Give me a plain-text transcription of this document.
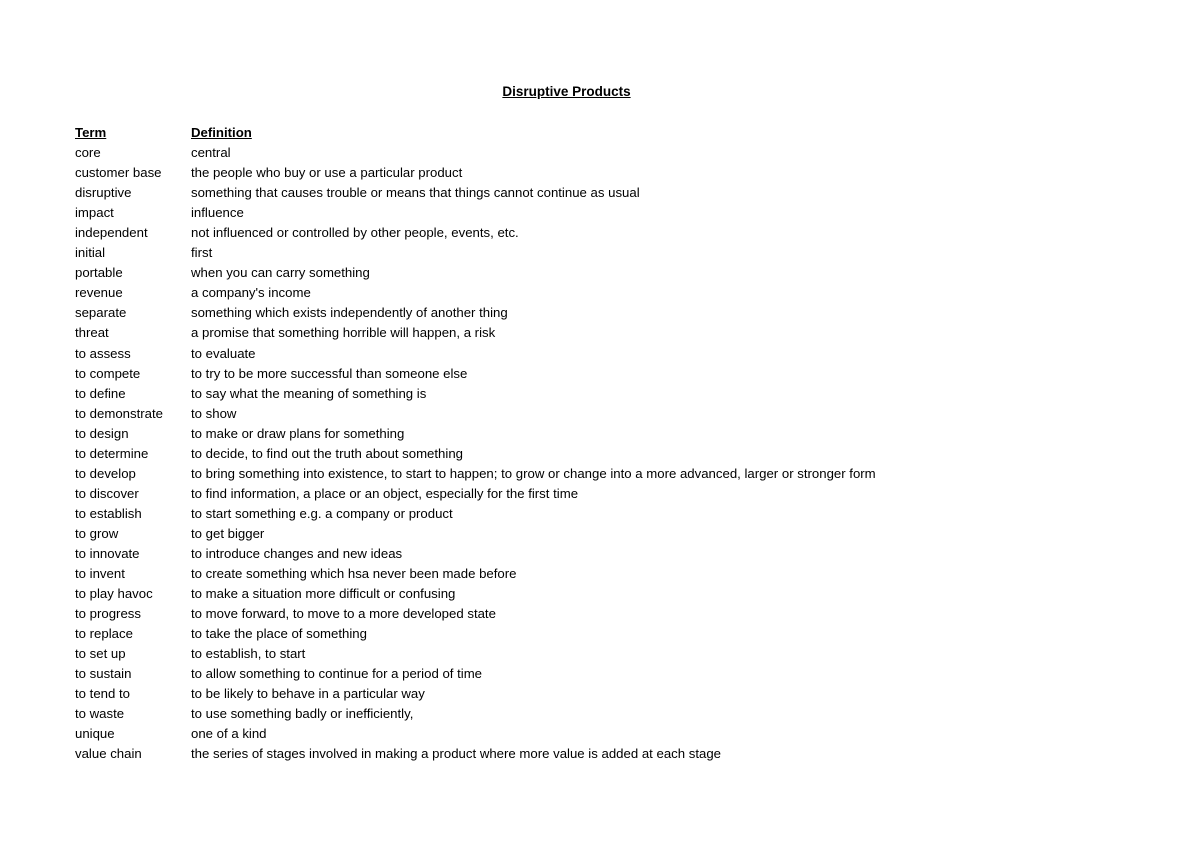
Disruptive Products
Term	Definition
core	central
customer base	the people who buy or use a particular product
disruptive	something that causes trouble or means that things cannot continue as usual
impact	influence
independent	not influenced or controlled by other people, events, etc.
initial	first
portable	when you can carry something
revenue	a company's income
separate	something which exists independently of another thing
threat	a promise that something horrible will happen, a risk
to assess	to evaluate
to compete	to try to be more successful than someone else
to define	to say what the meaning of something is
to demonstrate	to show
to design	to make or draw plans for something
to determine	to decide, to find out the truth about something
to develop	to bring something into existence, to start to happen; to grow or change into a more advanced, larger or stronger form
to discover	to find information, a place or an object, especially for the first time
to establish	to start something e.g. a company or product
to grow	to get bigger
to innovate	to introduce changes and new ideas
to invent	to create something which hsa never been made before
to play havoc	to make a situation more difficult or confusing
to progress	to move forward, to move to a more developed state
to replace	to take the place of something
to set up	to establish, to start
to sustain	to allow something to continue for a period of time
to tend to	to be likely to behave in a particular way
to waste	to use something badly or inefficiently,
unique	one of a kind
value chain	the series of stages involved in making a product where more value is added at each stage
